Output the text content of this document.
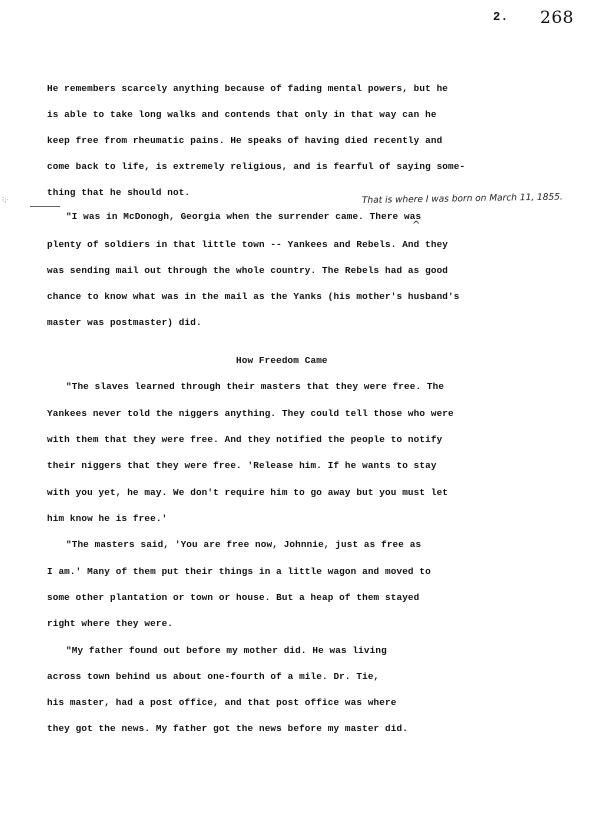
2. 268
He remembers scarcely anything because of fading mental powers, but he
is able to take long walks and contends that only in that way can he
keep free from rheumatic pains. He speaks of having died recently and
come back to life, is extremely religious, and is fearful of saying some-
thing that he should not.
⁝;·	That is where I was born on March 11, 1855.
^
"I was in McDonogh, Georgia when the surrender came. There was
plenty of soldiers in that little town -- Yankees and Rebels. And they
was sending mail out through the whole country. The Rebels had as good
chance to know what was in the mail as the Yanks (his mother's husband's
master was postmaster) did.
How Freedom Came
"The slaves learned through their masters that they were free. The
Yankees never told the niggers anything. They could tell those who were
with them that they were free. And they notified the people to notify
their niggers that they were free. 'Release him. If he wants to stay
with you yet, he may. We don't require him to go away but you must let
him know he is free.'
"The masters said, 'You are free now, Johnnie, just as free as
I am.' Many of them put their things in a little wagon and moved to
some other plantation or town or house. But a heap of them stayed
right where they were.
"My father found out before my mother did. He was living
across town behind us about one-fourth of a mile. Dr. Tie,
his master, had a post office, and that post office was where
they got the news. My father got the news before my master did.
